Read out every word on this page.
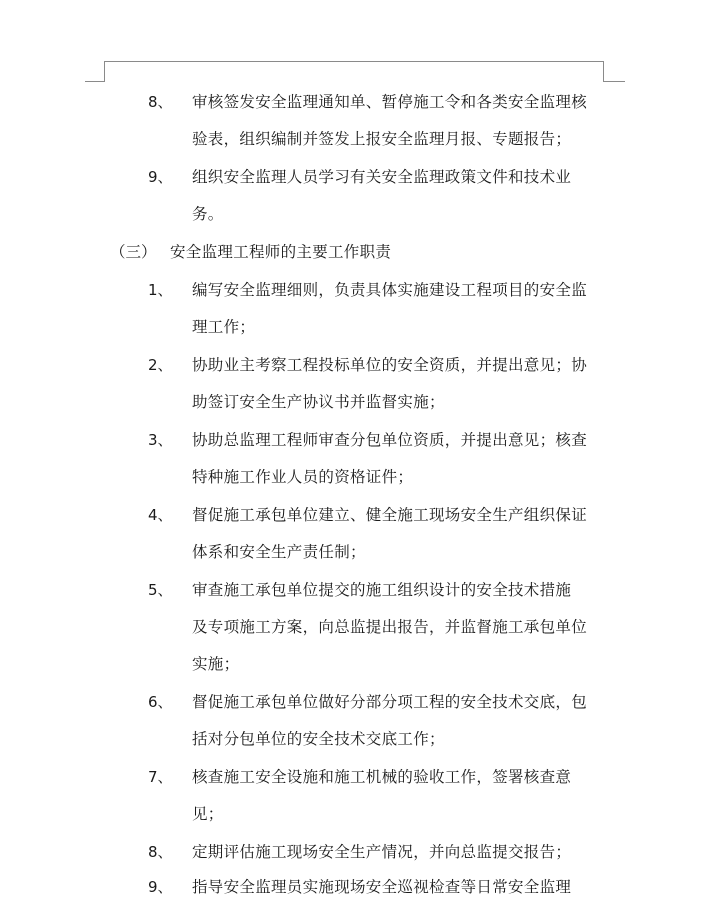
8、 审核签发安全监理通知单、暂停施工令和各类安全监理核
验表，组织编制并签发上报安全监理月报、专题报告；
9、 组织安全监理人员学习有关安全监理政策文件和技术业
务。
（三） 安全监理工程师的主要工作职责
1、 编写安全监理细则，负责具体实施建设工程项目的安全监
理工作；
2、 协助业主考察工程投标单位的安全资质，并提出意见；协
助签订安全生产协议书并监督实施；
3、 协助总监理工程师审查分包单位资质，并提出意见；核查
特种施工作业人员的资格证件；
4、 督促施工承包单位建立、健全施工现场安全生产组织保证
体系和安全生产责任制；
5、 审查施工承包单位提交的施工组织设计的安全技术措施
及专项施工方案，向总监提出报告，并监督施工承包单位
实施；
6、 督促施工承包单位做好分部分项工程的安全技术交底，包
括对分包单位的安全技术交底工作；
7、 核查施工安全设施和施工机械的验收工作，签署核查意
见；
8、 定期评估施工现场安全生产情况，并向总监提交报告；
9、 指导安全监理员实施现场安全巡视检查等日常安全监理
